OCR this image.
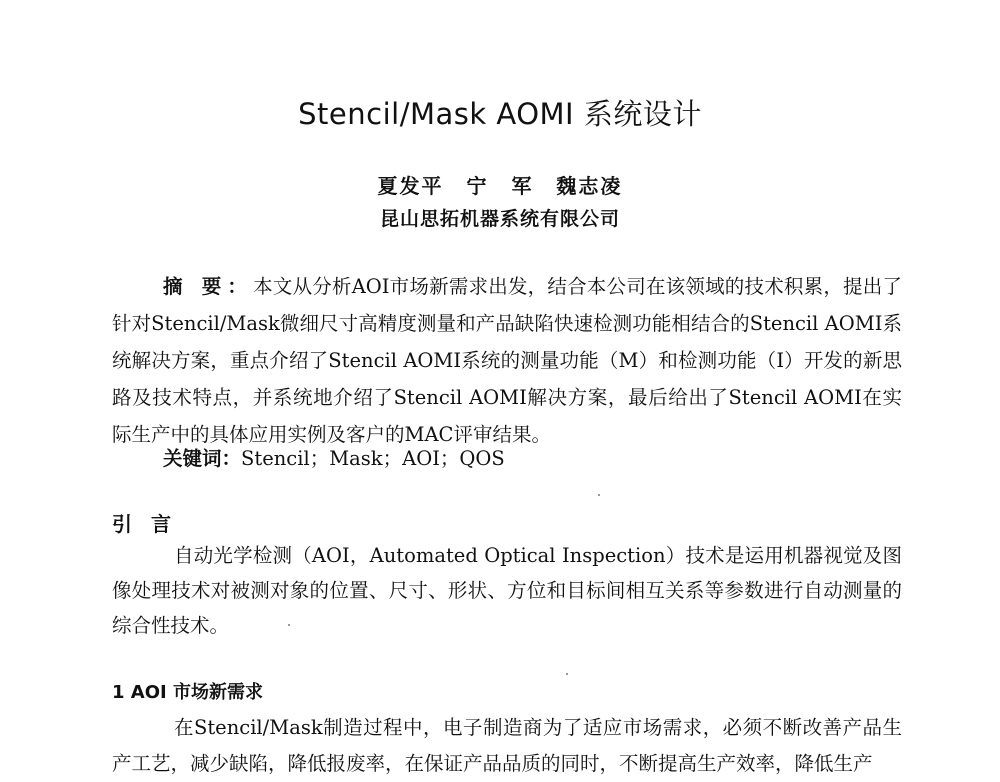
Stencil/Mask AOMI 系统设计
夏发平 宁 军 魏志凌
昆山思拓机器系统有限公司

摘 要：本文从分析AOI市场新需求出发，结合本公司在该领域的技术积累，提出了针对Stencil/Mask微细尺寸高精度测量和产品缺陷快速检测功能相结合的Stencil AOMI系统解决方案，重点介绍了Stencil AOMI系统的测量功能（M）和检测功能（I）开发的新思路及技术特点，并系统地介绍了Stencil AOMI解决方案，最后给出了Stencil AOMI在实际生产中的具体应用实例及客户的MAC评审结果。

关键词：Stencil；Mask；AOI；QOS

引 言

自动光学检测（AOI，Automated Optical Inspection）技术是运用机器视觉及图像处理技术对被测对象的位置、尺寸、形状、方位和目标间相互关系等参数进行自动测量的综合性技术。

1 AOI 市场新需求

在Stencil/Mask制造过程中，电子制造商为了适应市场需求，必须不断改善产品生产工艺，减少缺陷，降低报废率，在保证产品品质的同时，不断提高生产效率，降低生产
